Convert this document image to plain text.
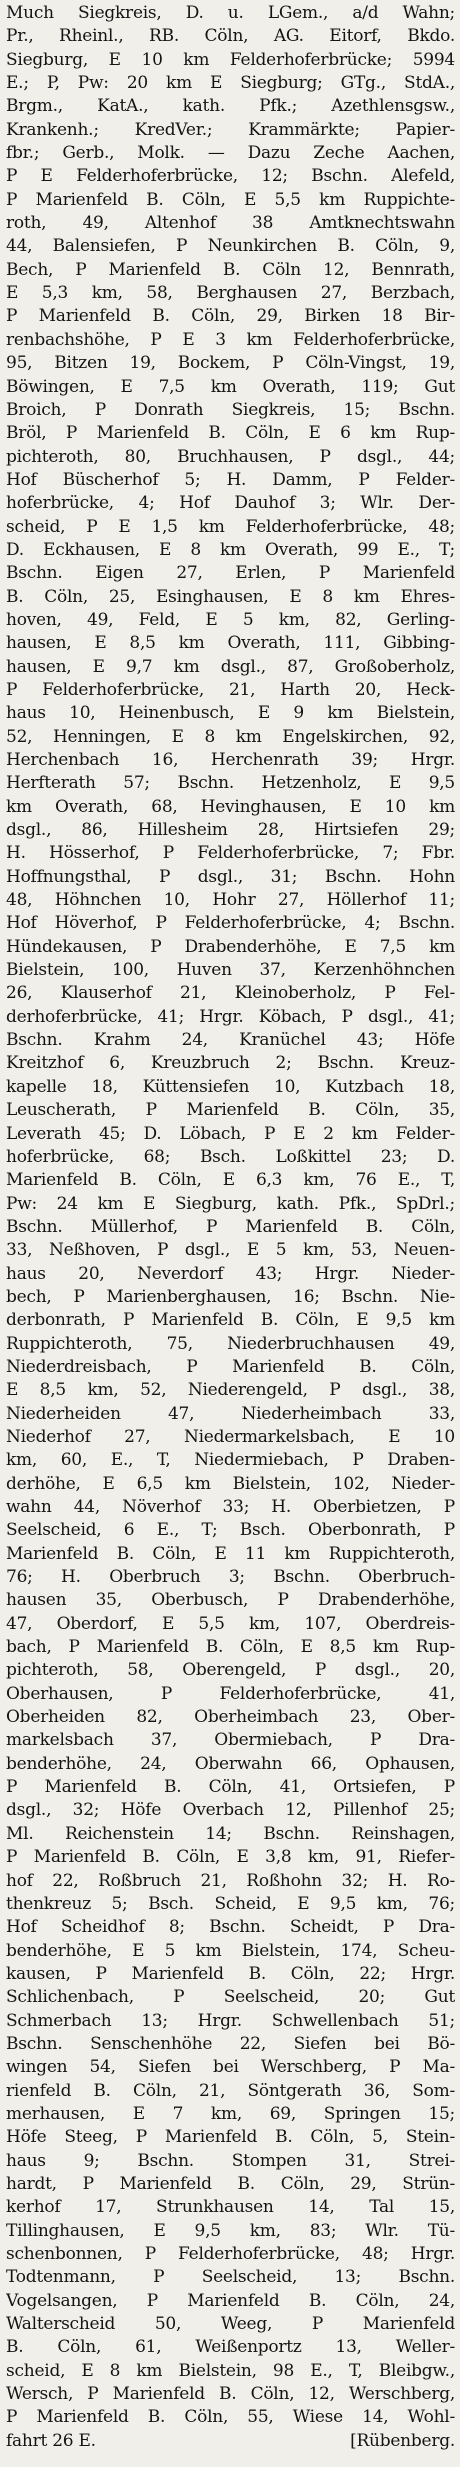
Much Siegkreis, D. u. LGem., a/d Wahn;
Pr., Rheinl., RB. Cöln, AG. Eitorf, Bkdo.
Siegburg, E 10 km Felderhoferbrücke; 5994
E.; P, Pw: 20 km E Siegburg; GTg., StdA.,
Brgm., KatA., kath. Pfk.; Azethlensgsw.,
Krankenh.; KredVer.; Krammärkte; Papier-
fbr.; Gerb., Molk. — Dazu Zeche Aachen,
P E Felderhoferbrücke, 12; Bschn. Alefeld,
P Marienfeld B. Cöln, E 5,5 km Ruppichte-
roth, 49, Altenhof 38 Amtknechtswahn
44, Balensiefen, P Neunkirchen B. Cöln, 9,
Bech, P Marienfeld B. Cöln 12, Bennrath,
E 5,3 km, 58, Berghausen 27, Berzbach,
P Marienfeld B. Cöln, 29, Birken 18 Bir-
renbachshöhe, P E 3 km Felderhoferbrücke,
95, Bitzen 19, Bockem, P Cöln-Vingst, 19,
Böwingen, E 7,5 km Overath, 119; Gut
Broich, P Donrath Siegkreis, 15; Bschn.
Bröl, P Marienfeld B. Cöln, E 6 km Rup-
pichteroth, 80, Bruchhausen, P dsgl., 44;
Hof Büscherhof 5; H. Damm, P Felder-
hoferbrücke, 4; Hof Dauhof 3; Wlr. Der-
scheid, P E 1,5 km Felderhoferbrücke, 48;
D. Eckhausen, E 8 km Overath, 99 E., T;
Bschn. Eigen 27, Erlen, P Marienfeld
B. Cöln, 25, Esinghausen, E 8 km Ehres-
hoven, 49, Feld, E 5 km, 82, Gerling-
hausen, E 8,5 km Overath, 111, Gibbing-
hausen, E 9,7 km dsgl., 87, Großoberholz,
P Felderhoferbrücke, 21, Harth 20, Heck-
haus 10, Heinenbusch, E 9 km Bielstein,
52, Henningen, E 8 km Engelskirchen, 92,
Herchenbach 16, Herchenrath 39; Hrgr.
Herfterath 57; Bschn. Hetzenholz, E 9,5
km Overath, 68, Hevinghausen, E 10 km
dsgl., 86, Hillesheim 28, Hirtsiefen 29;
H. Hösserhof, P Felderhoferbrücke, 7; Fbr.
Hoffnungsthal, P dsgl., 31; Bschn. Hohn
48, Höhnchen 10, Hohr 27, Höllerhof 11;
Hof Höverhof, P Felderhoferbrücke, 4; Bschn.
Hündekausen, P Drabenderhöhe, E 7,5 km
Bielstein, 100, Huven 37, Kerzenhöhnchen
26, Klauserhof 21, Kleinoberholz, P Fel-
derhoferbrücke, 41; Hrgr. Köbach, P dsgl., 41;
Bschn. Krahm 24, Kranüchel 43; Höfe
Kreitzhof 6, Kreuzbruch 2; Bschn. Kreuz-
kapelle 18, Küttensiefen 10, Kutzbach 18,
Leuscherath, P Marienfeld B. Cöln, 35,
Leverath 45; D. Löbach, P E 2 km Felder-
hoferbrücke, 68; Bsch. Loßkittel 23; D.
Marienfeld B. Cöln, E 6,3 km, 76 E., T,
Pw: 24 km E Siegburg, kath. Pfk., SpDrl.;
Bschn. Müllerhof, P Marienfeld B. Cöln,
33, Neßhoven, P dsgl., E 5 km, 53, Neuen-
haus 20, Neverdorf 43; Hrgr. Nieder-
bech, P Marienberghausen, 16; Bschn. Nie-
derbonrath, P Marienfeld B. Cöln, E 9,5 km
Ruppichteroth, 75, Niederbruchhausen 49,
Niederdreisbach, P Marienfeld B. Cöln,
E 8,5 km, 52, Niederengeld, P dsgl., 38,
Niederheiden 47, Niederheimbach 33,
Niederhof 27, Niedermarkelsbach, E 10
km, 60, E., T, Niedermiebach, P Draben-
derhöhe, E 6,5 km Bielstein, 102, Nieder-
wahn 44, Növerhof 33; H. Oberbietzen, P
Seelscheid, 6 E., T; Bsch. Oberbonrath, P
Marienfeld B. Cöln, E 11 km Ruppichteroth,
76; H. Oberbruch 3; Bschn. Oberbruch-
hausen 35, Oberbusch, P Drabenderhöhe,
47, Oberdorf, E 5,5 km, 107, Oberdreis-
bach, P Marienfeld B. Cöln, E 8,5 km Rup-
pichteroth, 58, Oberengeld, P dsgl., 20,
Oberhausen, P Felderhoferbrücke, 41,
Oberheiden 82, Oberheimbach 23, Ober-
markelsbach 37, Obermiebach, P Dra-
benderhöhe, 24, Oberwahn 66, Ophausen,
P Marienfeld B. Cöln, 41, Ortsiefen, P
dsgl., 32; Höfe Overbach 12, Pillenhof 25;
Ml. Reichenstein 14; Bschn. Reinshagen,
P Marienfeld B. Cöln, E 3,8 km, 91, Riefer-
hof 22, Roßbruch 21, Roßhohn 32; H. Ro-
thenkreuz 5; Bsch. Scheid, E 9,5 km, 76;
Hof Scheidhof 8; Bschn. Scheidt, P Dra-
benderhöhe, E 5 km Bielstein, 174, Scheu-
kausen, P Marienfeld B. Cöln, 22; Hrgr.
Schlichenbach, P Seelscheid, 20; Gut
Schmerbach 13; Hrgr. Schwellenbach 51;
Bschn. Senschenhöhe 22, Siefen bei Bö-
wingen 54, Siefen bei Werschberg, P Ma-
rienfeld B. Cöln, 21, Söntgerath 36, Som-
merhausen, E 7 km, 69, Springen 15;
Höfe Steeg, P Marienfeld B. Cöln, 5, Stein-
haus 9; Bschn. Stompen 31, Strei-
hardt, P Marienfeld B. Cöln, 29, Strün-
kerhof 17, Strunkhausen 14, Tal 15,
Tillinghausen, E 9,5 km, 83; Wlr. Tü-
schenbonnen, P Felderhoferbrücke, 48; Hrgr.
Todtenmann, P Seelscheid, 13; Bschn.
Vogelsangen, P Marienfeld B. Cöln, 24,
Walterscheid 50, Weeg, P Marienfeld
B. Cöln, 61, Weißenportz 13, Weller-
scheid, E 8 km Bielstein, 98 E., T, Bleibgw.,
Wersch, P Marienfeld B. Cöln, 12, Werschberg,
P Marienfeld B. Cöln, 55, Wiese 14, Wohl-
fahrt 26 E.	[Rübenberg.
